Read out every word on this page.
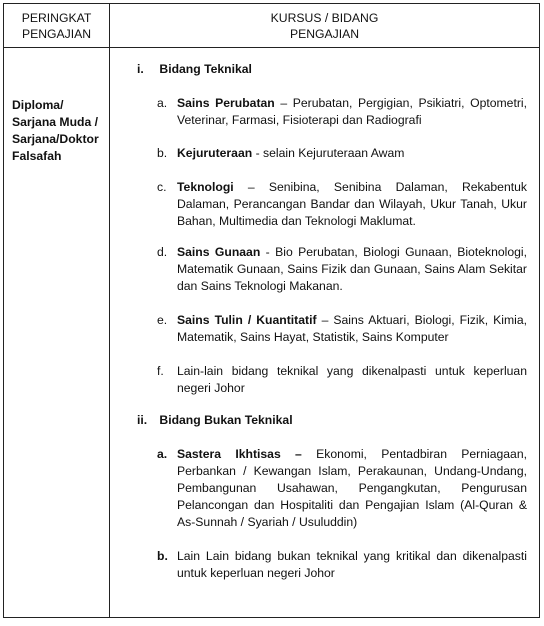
PERINGKAT
PENGAJIAN
KURSUS / BIDANG
PENGAJIAN
Diploma/
Sarjana Muda /
Sarjana/Doktor
Falsafah
i. Bidang Teknikal
a. Sains Perubatan – Perubatan, Pergigian, Psikiatri, Optometri, Veterinar, Farmasi, Fisioterapi dan Radiografi
b. Kejuruteraan - selain Kejuruteraan Awam
c. Teknologi – Senibina, Senibina Dalaman, Rekabentuk Dalaman, Perancangan Bandar dan Wilayah, Ukur Tanah, Ukur Bahan, Multimedia dan Teknologi Maklumat.
d. Sains Gunaan - Bio Perubatan, Biologi Gunaan, Bioteknologi, Matematik Gunaan, Sains Fizik dan Gunaan, Sains Alam Sekitar dan Sains Teknologi Makanan.
e. Sains Tulin / Kuantitatif – Sains Aktuari, Biologi, Fizik, Kimia, Matematik, Sains Hayat, Statistik, Sains Komputer
f.	Lain-lain bidang teknikal yang dikenalpasti untuk keperluan negeri Johor
ii. Bidang Bukan Teknikal
a. Sastera Ikhtisas – Ekonomi, Pentadbiran Perniagaan, Perbankan / Kewangan Islam, Perakaunan, Undang-Undang, Pembangunan Usahawan, Pengangkutan, Pengurusan Pelancongan dan Hospitaliti dan Pengajian Islam (Al-Quran & As-Sunnah / Syariah / Usuluddin)
b. Lain Lain bidang bukan teknikal yang kritikal dan dikenalpasti untuk keperluan negeri Johor
